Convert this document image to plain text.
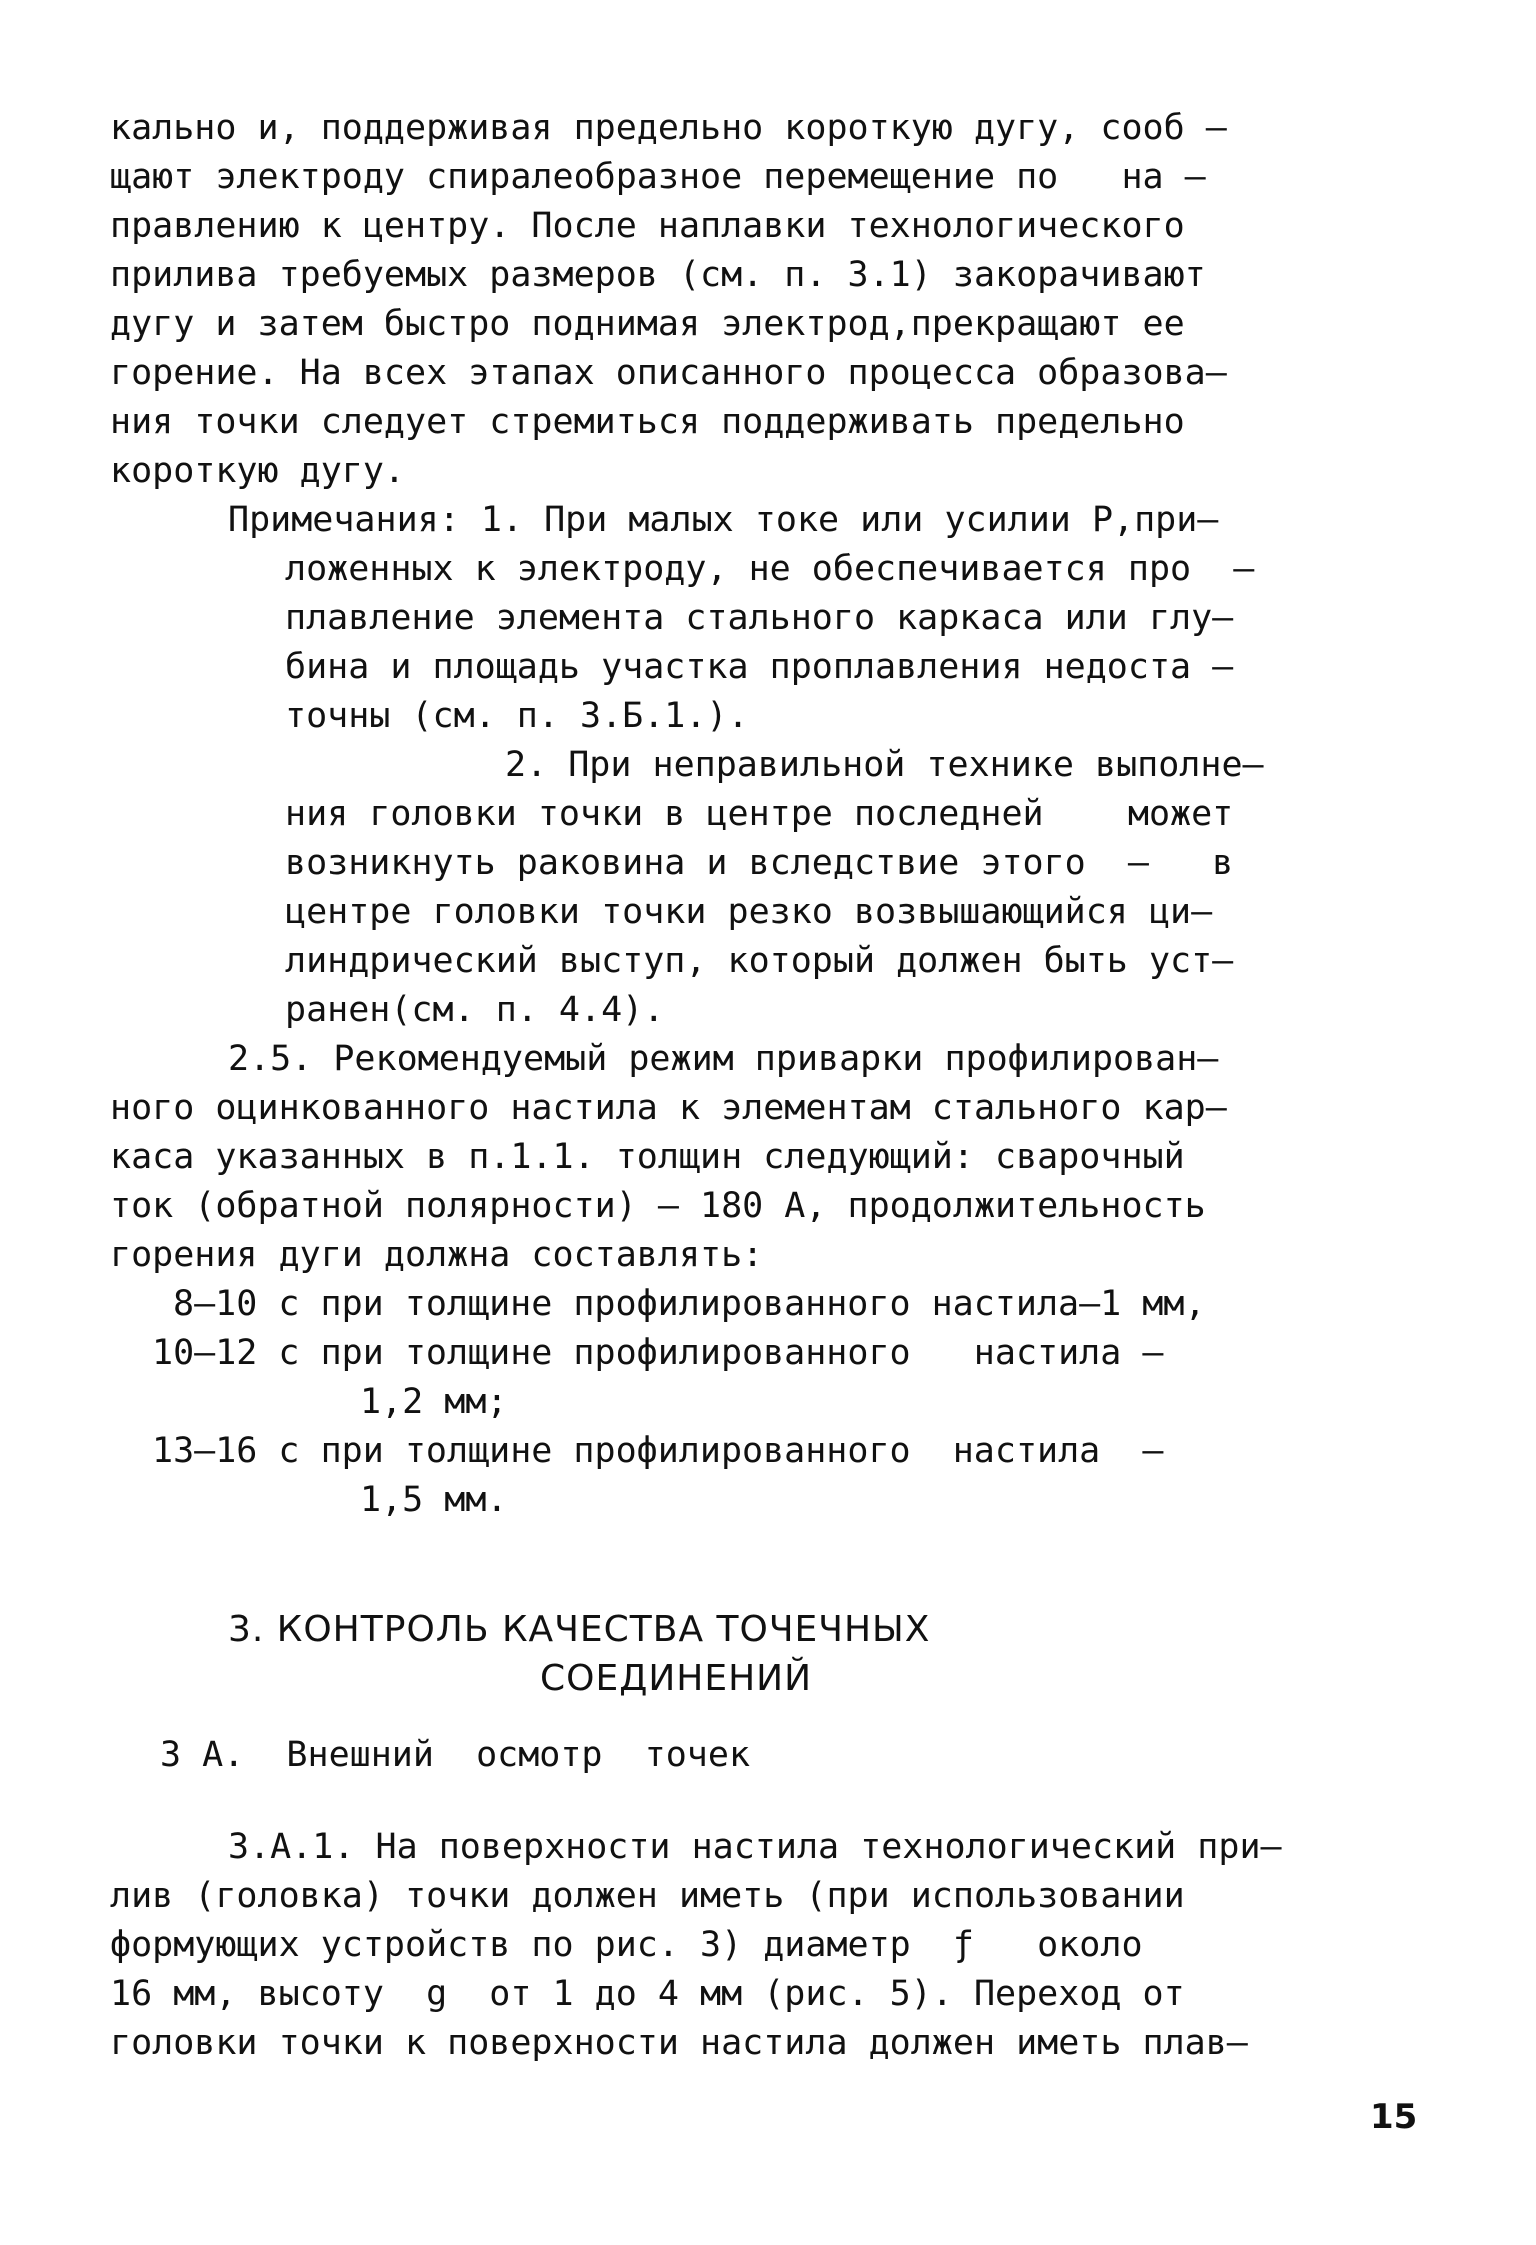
кально и, поддерживая предельно короткую дугу, сооб –
щают электроду спиралеобразное перемещение по   на –
правлению к центру. После наплавки технологического
прилива требуемых размеров (см. п. 3.1) закорачивают
дугу и затем быстро поднимая электрод,прекращают ее
горение. На всех этапах описанного процесса образова–
ния точки следует стремиться поддерживать предельно
короткую дугу.
Примечания: 1. При малых токе или усилии Р,при–
ложенных к электроду, не обеспечивается про  –
плавление элемента стального каркаса или глу–
бина и площадь участка проплавления недоста –
точны (см. п. 3.Б.1.).
2. При неправильной технике выполне–
ния головки точки в центре последней    может
возникнуть раковина и вследствие этого  –   в
центре головки точки резко возвышающийся ци–
линдрический выступ, который должен быть уст–
ранен(см. п. 4.4).
2.5. Рекомендуемый режим приварки профилирован–
ного оцинкованного настила к элементам стального кар–
каса указанных в п.1.1. толщин следующий: сварочный
ток (обратной полярности) – 180 А, продолжительность
горения дуги должна составлять:
8–10 с при толщине профилированного настила–1 мм,
10–12 с при толщине профилированного   настила –
1,2 мм;
13–16 с при толщине профилированного  настила  –
1,5 мм.
3. КОНТРОЛЬ КАЧЕСТВА ТОЧЕЧНЫХ
СОЕДИНЕНИЙ
3 А.  Внешний  осмотр  точек
3.А.1. На поверхности настила технологический при–
лив (головка) точки должен иметь (при использовании
формующих устройств по рис. 3) диаметр  ƒ   около
16 мм, высоту  g  от 1 до 4 мм (рис. 5). Переход от
головки точки к поверхности настила должен иметь плав–
15
